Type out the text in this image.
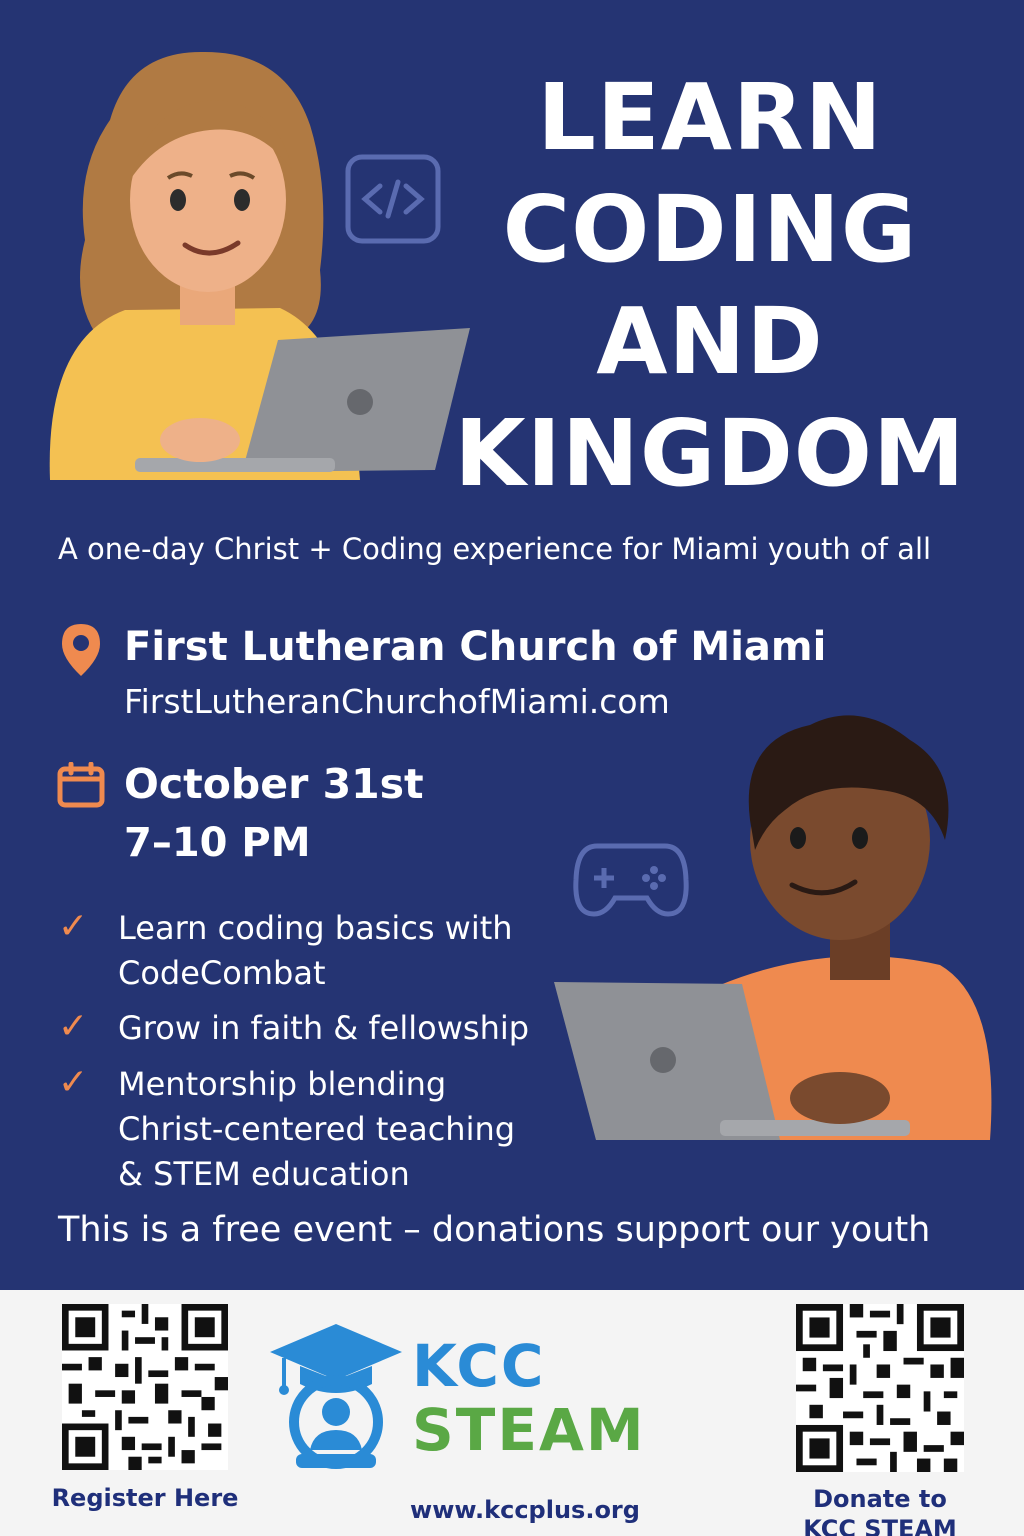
LEARN
CODING
AND
KINGDOM
A one-day Christ + Coding experience for Miami youth of all
First Lutheran Church of Miami
FirstLutheranChurchofMiami.com
October 31st
7–10 PM
✓ Learn coding basics with
CodeCombat
✓ Grow in faith & fellowship
✓ Mentorship blending
Christ-centered teaching
& STEM education
This is a free event – donations support our youth
Register Here
KCC
STEAM
www.kccplus.org	Donate to
KCC STEAM
